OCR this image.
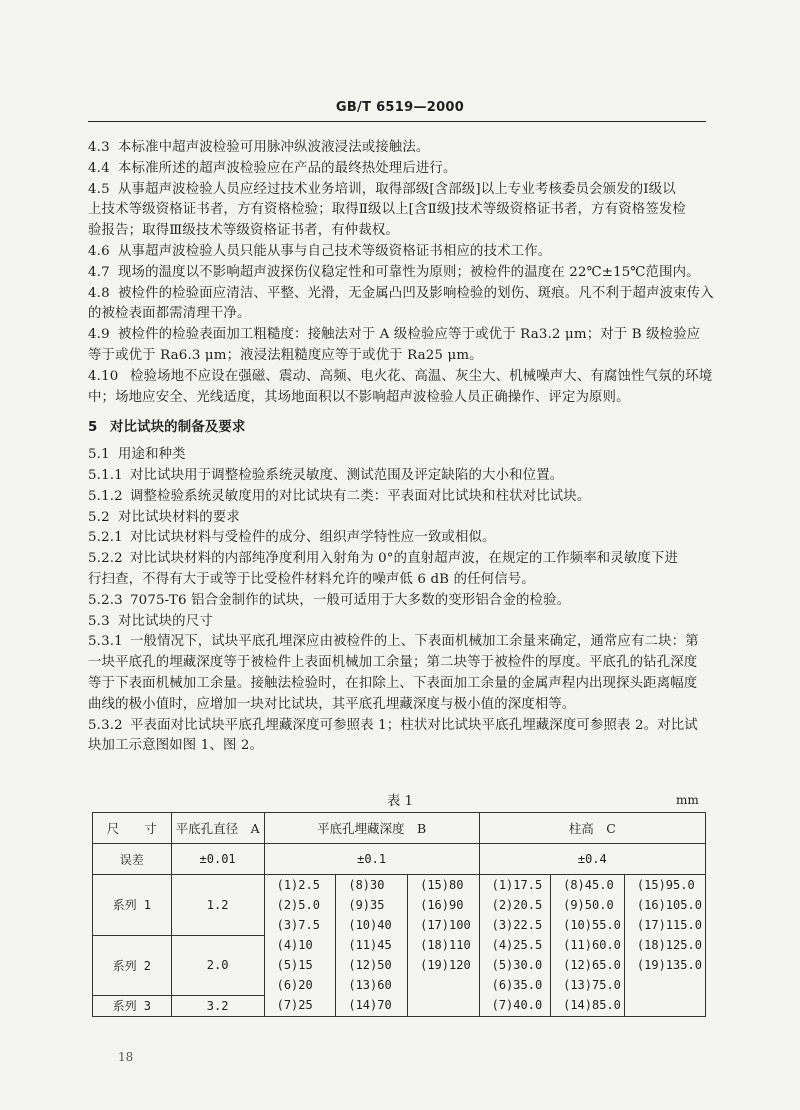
GB/T 6519—2000
4.3 本标准中超声波检验可用脉冲纵波液浸法或接触法。
4.4 本标准所述的超声波检验应在产品的最终热处理后进行。
4.5 从事超声波检验人员应经过技术业务培训，取得部级[含部级]以上专业考核委员会颁发的Ⅰ级以
上技术等级资格证书者，方有资格检验；取得Ⅱ级以上[含Ⅱ级]技术等级资格证书者，方有资格签发检
验报告；取得Ⅲ级技术等级资格证书者，有仲裁权。
4.6 从事超声波检验人员只能从事与自己技术等级资格证书相应的技术工作。
4.7 现场的温度以不影响超声波探伤仪稳定性和可靠性为原则；被检件的温度在 22℃±15℃范围内。
4.8 被检件的检验面应清洁、平整、光滑，无金属凸凹及影响检验的划伤、斑痕。凡不利于超声波束传入
的被检表面都需清理干净。
4.9 被检件的检验表面加工粗糙度：接触法对于 A 级检验应等于或优于 Ra3.2 μm；对于 B 级检验应
等于或优于 Ra6.3 μm；液浸法粗糙度应等于或优于 Ra25 μm。
4.10 检验场地不应设在强磁、震动、高频、电火花、高温、灰尘大、机械噪声大、有腐蚀性气氛的环境
中；场地应安全、光线适度，其场地面积以不影响超声波检验人员正确操作、评定为原则。
5 对比试块的制备及要求
5.1 用途和种类
5.1.1 对比试块用于调整检验系统灵敏度、测试范围及评定缺陷的大小和位置。
5.1.2 调整检验系统灵敏度用的对比试块有二类：平表面对比试块和柱状对比试块。
5.2 对比试块材料的要求
5.2.1 对比试块材料与受检件的成分、组织声学特性应一致或相似。
5.2.2 对比试块材料的内部纯净度利用入射角为 0°的直射超声波，在规定的工作频率和灵敏度下进
行扫查，不得有大于或等于比受检件材料允许的噪声低 6 dB 的任何信号。
5.2.3 7075-T6 铝合金制作的试块，一般可适用于大多数的变形铝合金的检验。
5.3 对比试块的尺寸
5.3.1 一般情况下，试块平底孔埋深应由被检件的上、下表面机械加工余量来确定，通常应有二块：第
一块平底孔的埋藏深度等于被检件上表面机械加工余量；第二块等于被检件的厚度。平底孔的钻孔深度
等于下表面机械加工余量。接触法检验时，在扣除上、下表面加工余量的金属声程内出现探头距离幅度
曲线的极小值时，应增加一块对比试块，其平底孔埋藏深度与极小值的深度相等。
5.3.2 平表面对比试块平底孔埋藏深度可参照表 1；柱状对比试块平底孔埋藏深度可参照表 2。对比试
块加工示意图如图 1、图 2。
表 1	mm
尺　　寸	平底孔直径　A	平底孔埋藏深度　B			柱高　C		
误差	±0.01	±0.1			±0.4		
系列 1	1.2	(1)2.5	(8)30	(15)80	(1)17.5	(8)45.0	(15)95.0
		(2)5.0	(9)35	(16)90	(2)20.5	(9)50.0	(16)105.0
		(3)7.5	(10)40	(17)100	(3)22.5	(10)55.0	(17)115.0
系列 2	2.0	(4)10	(11)45	(18)110	(4)25.5	(11)60.0	(18)125.0
		(5)15	(12)50	(19)120	(5)30.0	(12)65.0	(19)135.0
		(6)20	(13)60		(6)35.0	(13)75.0	
系列 3	3.2	(7)25	(14)70		(7)40.0	(14)85.0	
18
